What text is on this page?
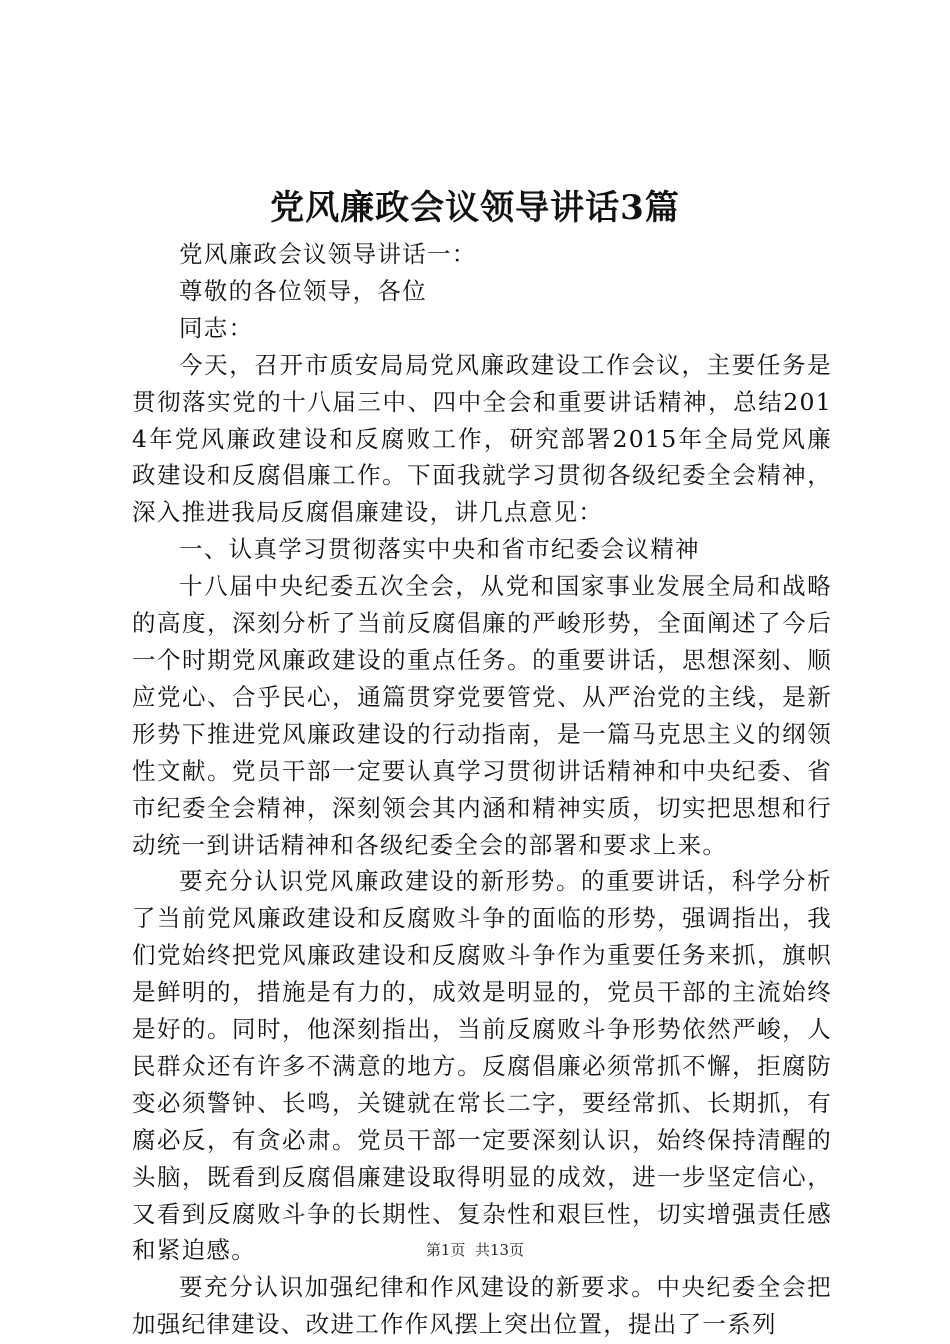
党风廉政会议领导讲话3篇

党风廉政会议领导讲话一：

尊敬的各位领导，各位

同志：

今天，召开市质安局局党风廉政建设工作会议，主要任务是贯彻落实党的十八届三中、四中全会和重要讲话精神，总结2014年党风廉政建设和反腐败工作，研究部署2015年全局党风廉政建设和反腐倡廉工作。下面我就学习贯彻各级纪委全会精神，深入推进我局反腐倡廉建设，讲几点意见：

一、认真学习贯彻落实中央和省市纪委会议精神

十八届中央纪委五次全会，从党和国家事业发展全局和战略的高度，深刻分析了当前反腐倡廉的严峻形势，全面阐述了今后一个时期党风廉政建设的重点任务。的重要讲话，思想深刻、顺应党心、合乎民心，通篇贯穿党要管党、从严治党的主线，是新形势下推进党风廉政建设的行动指南，是一篇马克思主义的纲领性文献。党员干部一定要认真学习贯彻讲话精神和中央纪委、省市纪委全会精神，深刻领会其内涵和精神实质，切实把思想和行动统一到讲话精神和各级纪委全会的部署和要求上来。

要充分认识党风廉政建设的新形势。的重要讲话，科学分析了当前党风廉政建设和反腐败斗争的面临的形势，强调指出，我们党始终把党风廉政建设和反腐败斗争作为重要任务来抓，旗帜是鲜明的，措施是有力的，成效是明显的，党员干部的主流始终是好的。同时，他深刻指出，当前反腐败斗争形势依然严峻，人民群众还有许多不满意的地方。反腐倡廉必须常抓不懈，拒腐防变必须警钟、长鸣，关键就在常长二字，要经常抓、长期抓，有腐必反，有贪必肃。党员干部一定要深刻认识，始终保持清醒的头脑，既看到反腐倡廉建设取得明显的成效，进一步坚定信心，又看到反腐败斗争的长期性、复杂性和艰巨性，切实增强责任感和紧迫感。

要充分认识加强纪律和作风建设的新要求。中央纪委全会把加强纪律建设、改进工作作风摆上突出位置，提出了一系列

第1页  共13页
